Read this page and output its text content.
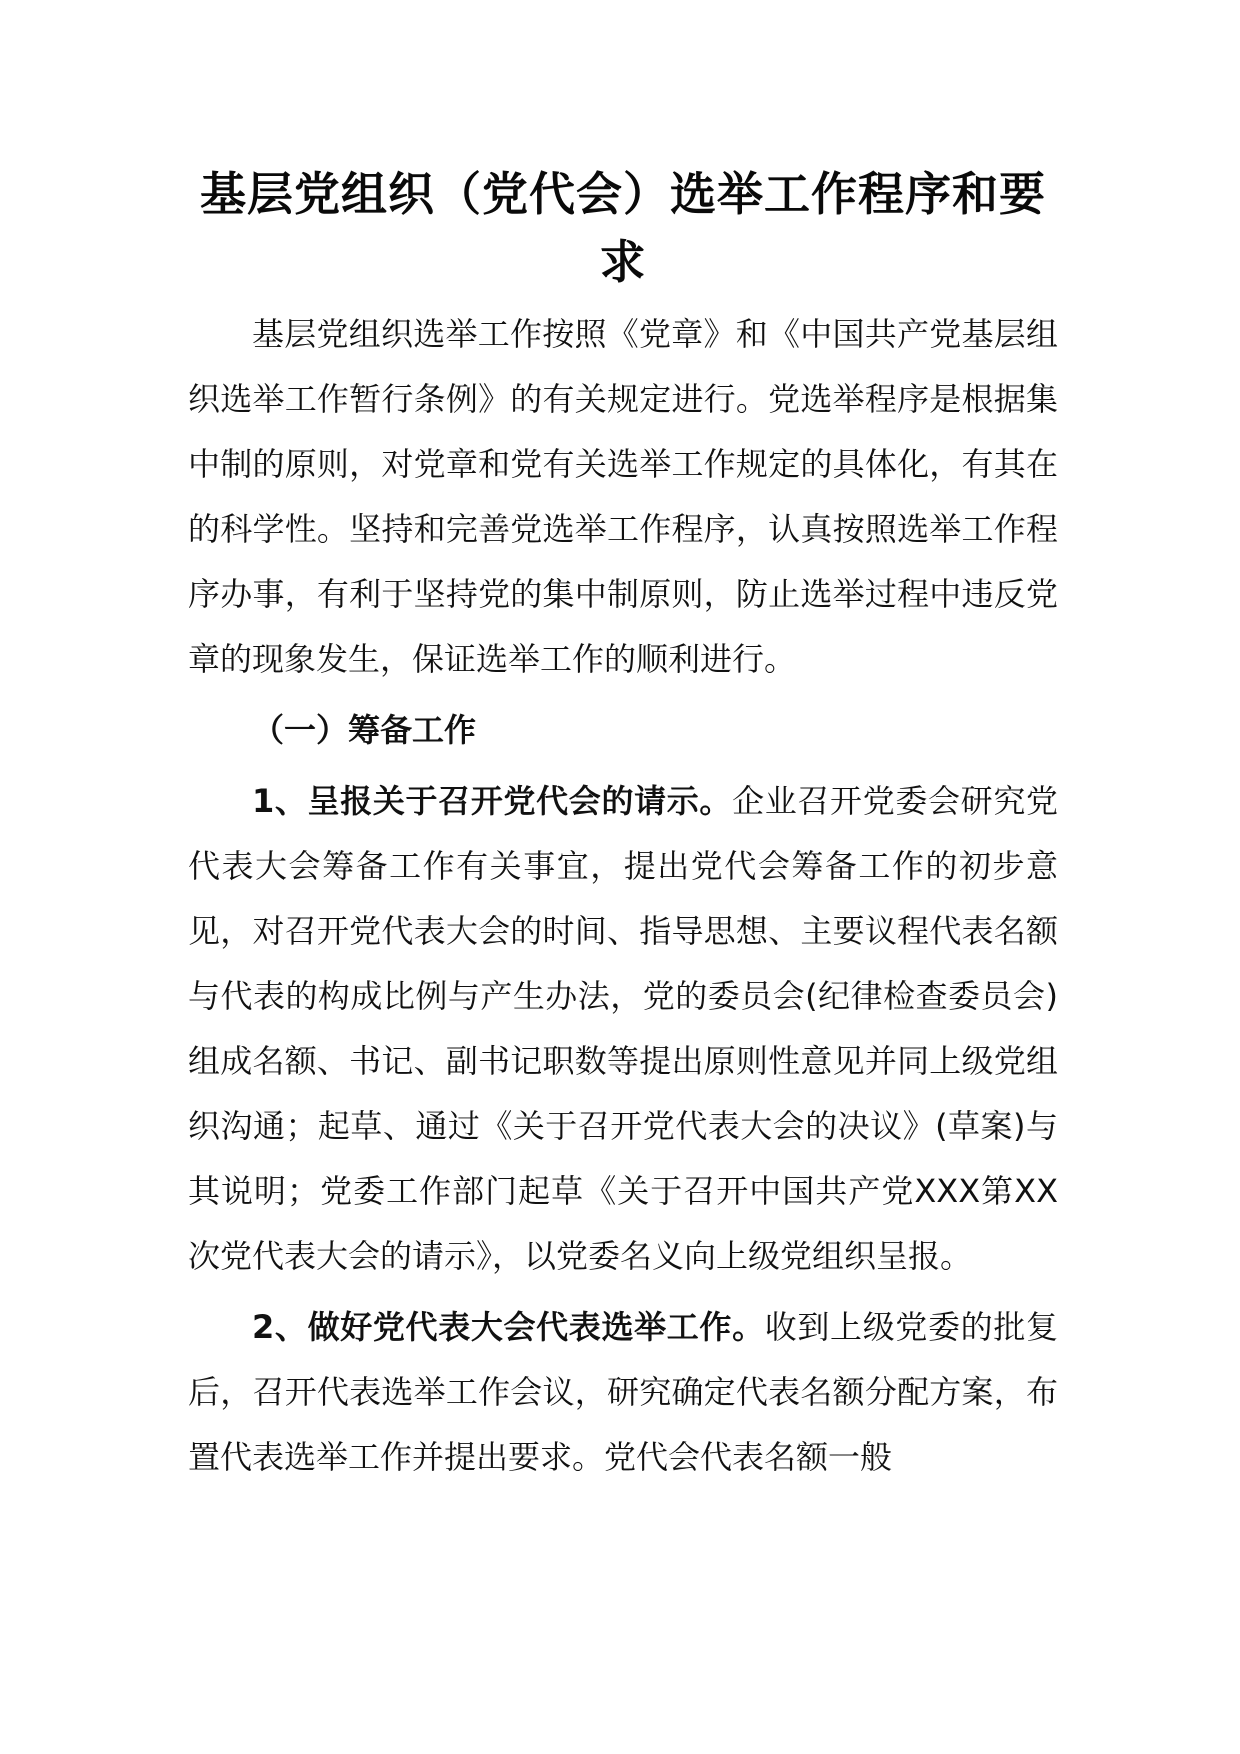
基层党组织（党代会）选举工作程序和要求

基层党组织选举工作按照《党章》和《中国共产党基层组织选举工作暂行条例》的有关规定进行。党选举程序是根据集中制的原则，对党章和党有关选举工作规定的具体化，有其在的科学性。坚持和完善党选举工作程序，认真按照选举工作程序办事，有利于坚持党的集中制原则，防止选举过程中违反党章的现象发生，保证选举工作的顺利进行。

（一）筹备工作

1、呈报关于召开党代会的请示。企业召开党委会研究党代表大会筹备工作有关事宜，提出党代会筹备工作的初步意见，对召开党代表大会的时间、指导思想、主要议程代表名额与代表的构成比例与产生办法，党的委员会(纪律检查委员会)组成名额、书记、副书记职数等提出原则性意见并同上级党组织沟通；起草、通过《关于召开党代表大会的决议》(草案)与其说明；党委工作部门起草《关于召开中国共产党XXX第XX次党代表大会的请示》，以党委名义向上级党组织呈报。

2、做好党代表大会代表选举工作。收到上级党委的批复后，召开代表选举工作会议，研究确定代表名额分配方案，布置代表选举工作并提出要求。党代会代表名额一般
